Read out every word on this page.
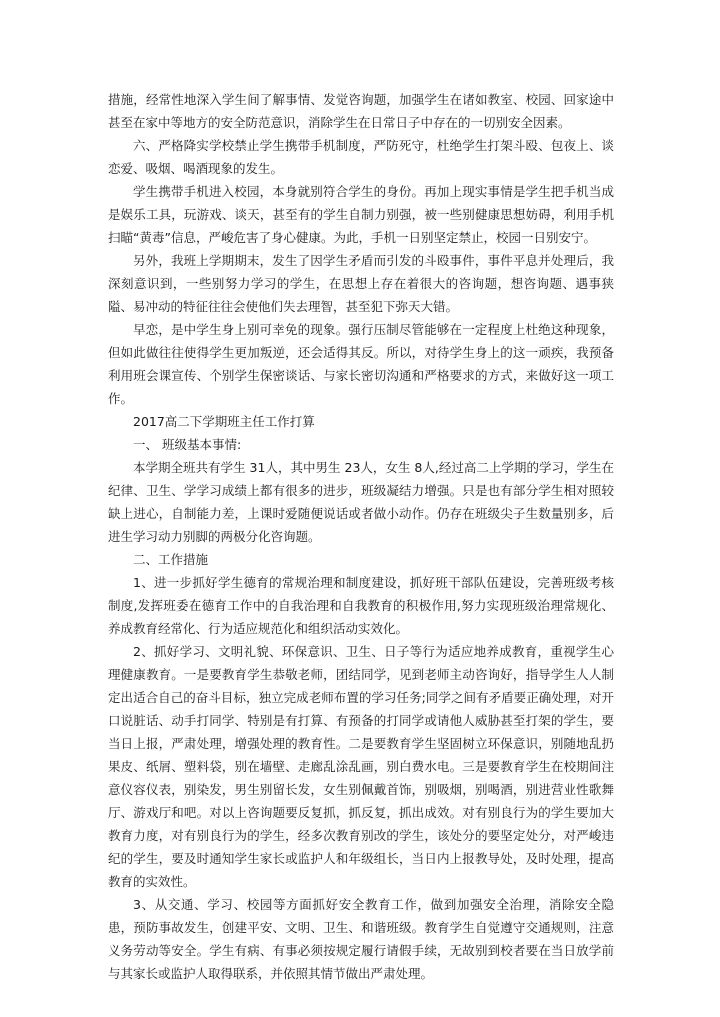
措施，经常性地深入学生间了解事情、发觉咨询题，加强学生在诸如教室、校园、回家途中甚至在家中等地方的安全防范意识，消除学生在日常日子中存在的一切别安全因素。

六、严格降实学校禁止学生携带手机制度，严防死守，杜绝学生打架斗殴、包夜上、谈恋爱、吸烟、喝酒现象的发生。

学生携带手机进入校园，本身就别符合学生的身份。再加上现实事情是学生把手机当成是娱乐工具，玩游戏、谈天，甚至有的学生自制力别强，被一些别健康思想妨碍，利用手机扫瞄“黄毒”信息，严峻危害了身心健康。为此，手机一日别坚定禁止，校园一日别安宁。

另外，我班上学期期末，发生了因学生矛盾而引发的斗殴事件，事件平息并处理后，我深刻意识到，一些别努力学习的学生，在思想上存在着很大的咨询题，想咨询题、遇事狭隘、易冲动的特征往往会使他们失去理智，甚至犯下弥天大错。

早恋，是中学生身上别可幸免的现象。强行压制尽管能够在一定程度上杜绝这种现象，但如此做往往使得学生更加叛逆，还会适得其反。所以，对待学生身上的这一顽疾，我预备利用班会课宣传、个别学生保密谈话、与家长密切沟通和严格要求的方式，来做好这一项工作。

2017高二下学期班主任工作打算

一、 班级基本事情:

本学期全班共有学生 31人，其中男生 23人，女生 8人,经过高二上学期的学习，学生在纪律、卫生、学学习成绩上都有很多的进步，班级凝结力增强。只是也有部分学生相对照较缺上进心，自制能力差，上课时爱随便说话或者做小动作。仍存在班级尖子生数量别多，后进生学习动力别脚的两极分化咨询题。

二、工作措施

1、进一步抓好学生德育的常规治理和制度建设，抓好班干部队伍建设，完善班级考核制度,发挥班委在德育工作中的自我治理和自我教育的积极作用,努力实现班级治理常规化、养成教育经常化、行为适应规范化和组织活动实效化。

2、抓好学习、文明礼貌、环保意识、卫生、日子等行为适应地养成教育，重视学生心理健康教育。一是要教育学生恭敬老师，团结同学，见到老师主动咨询好，指导学生人人制定出适合自己的奋斗目标，独立完成老师布置的学习任务;同学之间有矛盾要正确处理，对开口说脏话、动手打同学、特别是有打算、有预备的打同学或请他人威胁甚至打架的学生，要当日上报，严肃处理，增强处理的教育性。二是要教育学生坚固树立环保意识，别随地乱扔果皮、纸屑、塑料袋，别在墙壁、走廊乱涂乱画，别白费水电。三是要教育学生在校期间注意仪容仪表，别染发，男生别留长发，女生别佩戴首饰，别吸烟，别喝酒，别进营业性歌舞厅、游戏厅和吧。对以上咨询题要反复抓，抓反复，抓出成效。对有别良行为的学生要加大教育力度，对有别良行为的学生，经多次教育别改的学生，该处分的要坚定处分，对严峻违纪的学生，要及时通知学生家长或监护人和年级组长，当日内上报教导处，及时处理，提高教育的实效性。

3、从交通、学习、校园等方面抓好安全教育工作，做到加强安全治理，消除安全隐患，预防事故发生，创建平安、文明、卫生、和谐班级。教育学生自觉遵守交通规则，注意义务劳动等安全。学生有病、有事必须按规定履行请假手续，无故别到校者要在当日放学前与其家长或监护人取得联系，并依照其情节做出严肃处理。
